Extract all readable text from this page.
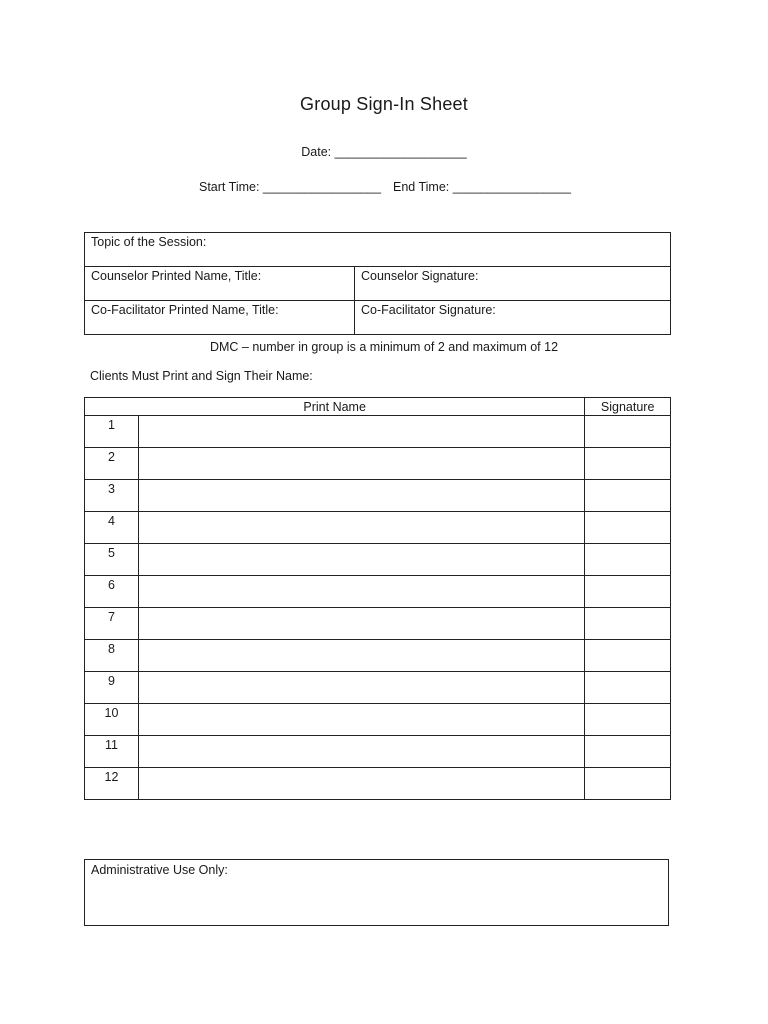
Group Sign-In Sheet
Date: ___________________
Start Time: _________________ End Time: _________________
Topic of the Session:	
Counselor Printed Name, Title:	Counselor Signature:
Co-Facilitator Printed Name, Title:	Co-Facilitator Signature:
DMC – number in group is a minimum of 2 and maximum of 12
Clients Must Print and Sign Their Name:
Print Name		Signature
1		
2		
3		
4		
5		
6		
7		
8		
9		
10		
11		
12		
Administrative Use Only:
